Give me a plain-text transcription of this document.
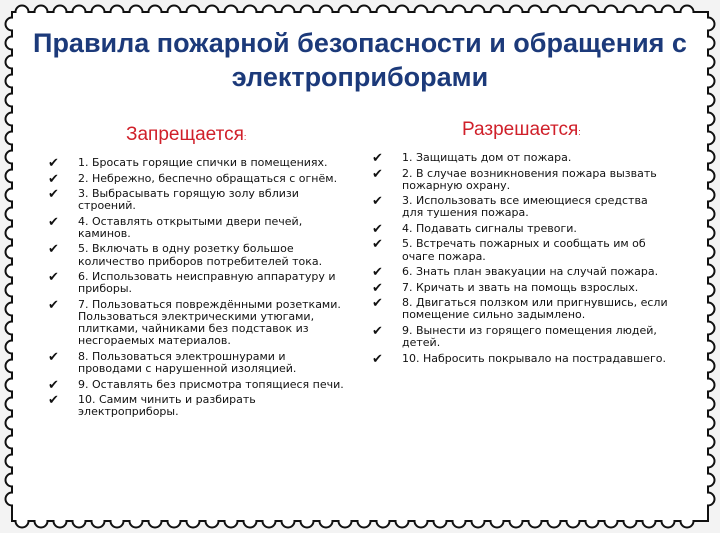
Правила пожарной безопасности и обращения с электроприборами
Запрещается:
✔ 1. Бросать горящие спички в помещениях.
✔ 2. Небрежно, беспечно обращаться с огнём.
✔ 3. Выбрасывать горящую золу вблизи строений.
✔ 4. Оставлять открытыми двери печей, каминов.
✔ 5. Включать в одну розетку большое количество приборов потребителей тока.
✔ 6. Использовать неисправную аппаратуру и приборы.
✔ 7. Пользоваться повреждёнными розетками. Пользоваться электрическими утюгами, плитками, чайниками без подставок из несгораемых материалов.
✔ 8. Пользоваться электрошнурами и проводами с нарушенной изоляцией.
✔ 9. Оставлять без присмотра топящиеся печи.
✔ 10. Самим чинить и разбирать электроприборы.
Разрешается:
✔ 1. Защищать дом от пожара.
✔ 2. В случае возникновения пожара вызвать пожарную охрану.
✔ 3. Использовать все имеющиеся средства для тушения пожара.
✔ 4. Подавать сигналы тревоги.
✔ 5. Встречать пожарных и сообщать им об очаге пожара.
✔ 6. Знать план эвакуации на случай пожара.
✔ 7. Кричать и звать на помощь взрослых.
✔ 8. Двигаться ползком или пригнувшись, если помещение сильно задымлено.
✔ 9. Вынести из горящего помещения людей, детей.
✔ 10. Набросить покрывало на пострадавшего.
